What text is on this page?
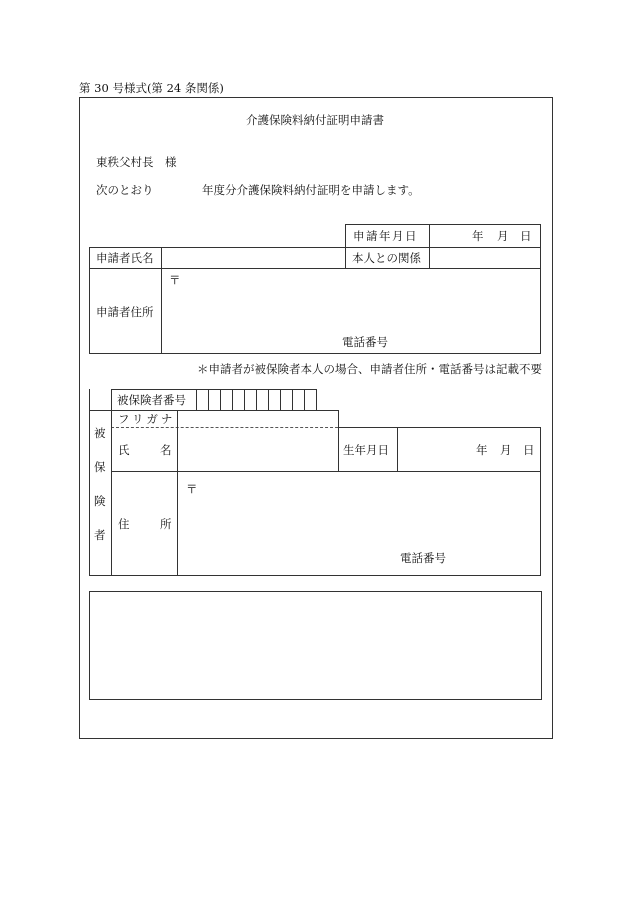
第 30 号様式(第 24 条関係)
介護保険料納付証明申請書
東秩父村長　様
次のとおり	年度分介護保険料納付証明を申請します。
申請年月日	年 月 日
申請者氏名	本人との関係
申請者住所
〒
電話番号
＊申請者が被保険者本人の場合、申請者住所・電話番号は記載不要
被
保
険
者
被保険者番号
フリガナ
氏	名	生年月日	年 月 日
住	所
〒
電話番号
